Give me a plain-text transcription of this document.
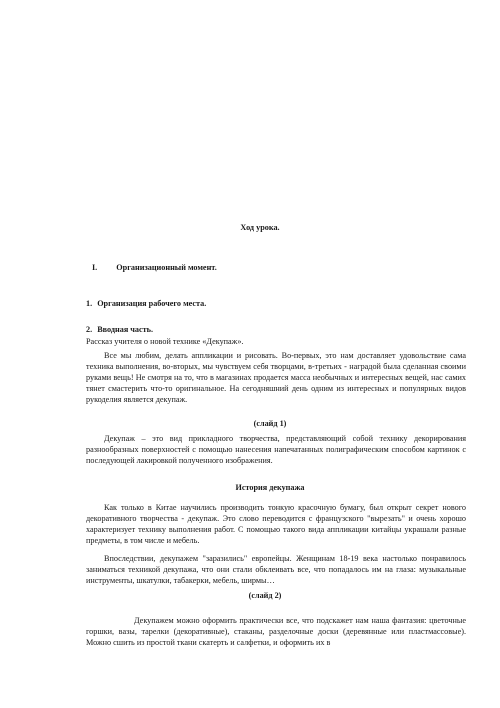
Ход урока.
I. Организационный момент.
1. Организация рабочего места.
2. Вводная часть.
Рассказ учителя о новой технике «Декупаж».
Все мы любим, делать аппликации и рисовать. Во-первых, это нам доставляет удовольствие сама техника выполнения, во-вторых, мы чувствуем себя творцами, в-третьих - наградой была сделанная своими руками вещь! Не смотря на то, что в магазинах продается масса необычных и интересных вещей, нас самих тянет смастерить что-то оригинальное. На сегодняшний день одним из интересных и популярных видов рукоделия является декупаж.
(слайд 1)
Декупаж – это вид прикладного творчества, представляющий собой технику декорирования разнообразных поверхностей с помощью нанесения напечатанных полиграфическим способом картинок с последующей лакировкой полученного изображения.
История декупажа
Как только в Китае научились производить тонкую красочную бумагу, был открыт секрет нового декоративного творчества - декупаж. Это слово переводится с французского "вырезать" и очень хорошо характеризует технику выполнения работ. С помощью такого вида аппликации китайцы украшали разные предметы, в том числе и мебель.
Впоследствии, декупажем "заразились" европейцы. Женщинам 18-19 века настолько понравилось заниматься техникой декупажа, что они стали обклеивать все, что попадалось им на глаза: музыкальные инструменты, шкатулки, табакерки, мебель, ширмы…
(слайд 2)
Декупажем можно оформить практически все, что подскажет нам наша фантазия: цветочные горшки, вазы, тарелки (декоративные), стаканы, разделочные доски (деревянные или пластмассовые). Можно сшить из простой ткани скатерть и салфетки, и оформить их в
